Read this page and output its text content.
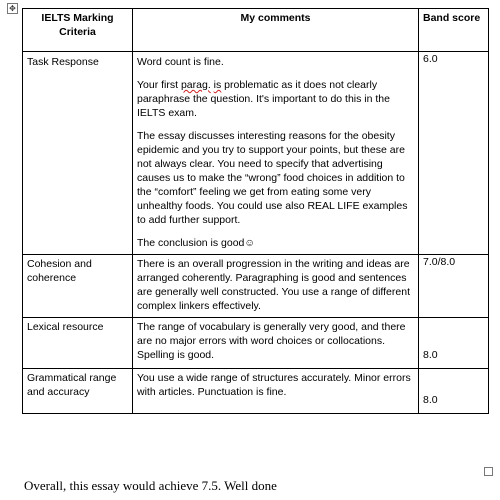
✥
IELTS Marking Criteria	My comments	Band score
Task Response	Word count is fine.
Your first parag. is problematic as it does not clearly paraphrase the question. It's important to do this in the IELTS exam.
The essay discusses interesting reasons for the obesity epidemic and you try to support your points, but these are not always clear. You need to specify that advertising causes us to make the “wrong” food choices in addition to the “comfort” feeling we get from eating some very unhealthy foods. You could use also REAL LIFE examples to add further support.
The conclusion is good☺	6.0
Cohesion and coherence	There is an overall progression in the writing and ideas are arranged coherently. Paragraphing is good and sentences are generally well constructed. You use a range of different complex linkers effectively.	7.0/8.0
Lexical resource	The range of vocabulary is generally very good, and there are no major errors with word choices or collocations. Spelling is good.	8.0
Grammatical range and accuracy	You use a wide range of structures accurately. Minor errors with articles. Punctuation is fine.	8.0
Overall, this essay would achieve 7.5. Well done
